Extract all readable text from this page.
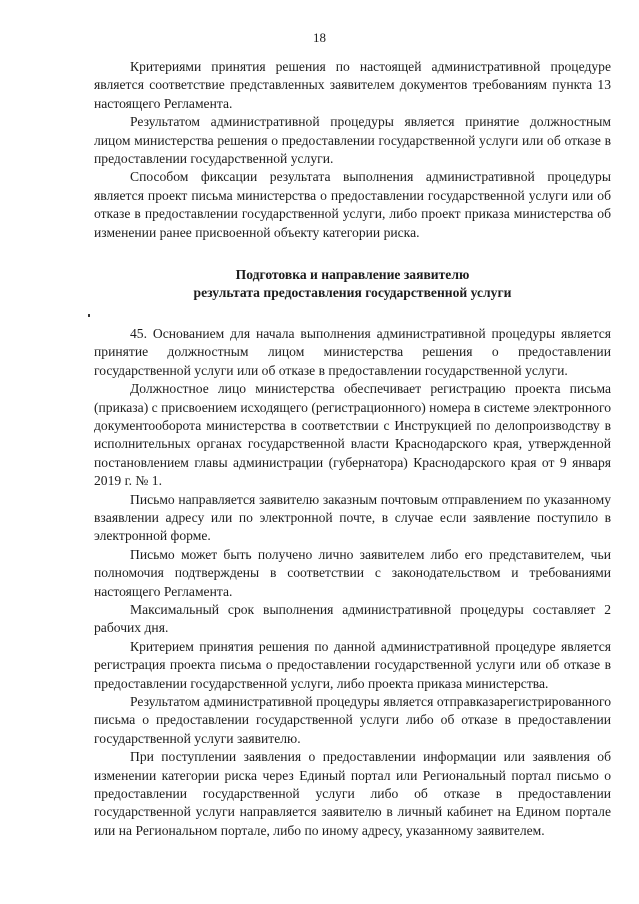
18

Критериями принятия решения по настоящей административной процедуре является соответствие представленных заявителем документов требованиям пункта 13 настоящего Регламента.

Результатом административной процедуры является принятие должностным лицом министерства решения о предоставлении государственной услуги или об отказе в предоставлении государственной услуги.

Способом фиксации результата выполнения административной процедуры является проект письма министерства о предоставлении государственной услуги или об отказе в предоставлении государственной услуги, либо проект приказа министерства об изменении ранее присвоенной объекту категории риска.

Подготовка и направление заявителю
результата предоставления государственной услуги

45. Основанием для начала выполнения административной процедуры является принятие должностным лицом министерства решения о предоставлении государственной услуги или об отказе в предоставлении государственной услуги.

Должностное лицо министерства обеспечивает регистрацию проекта письма (приказа) с присвоением исходящего (регистрационного) номера в системе электронного документооборота министерства в соответствии с Инструкцией по делопроизводству в исполнительных органах государственной власти Краснодарского края, утвержденной постановлением главы администрации (губернатора) Краснодарского края от 9 января 2019 г. № 1.

Письмо направляется заявителю заказным почтовым отправлением по указанному взаявлении адресу или по электронной почте, в случае если заявление поступило в электронной форме.

Письмо может быть получено лично заявителем либо его представителем, чьи полномочия подтверждены в соответствии с законодательством и требованиями настоящего Регламента.

Максимальный срок выполнения административной процедуры составляет 2 рабочих дня.

Критерием принятия решения по данной административной процедуре является регистрация проекта письма о предоставлении государственной услуги или об отказе в предоставлении государственной услуги, либо проекта приказа министерства.

Результатом административной процедуры является отправказарегистрированного письма о предоставлении государственной услуги либо об отказе в предоставлении государственной услуги заявителю.

При поступлении заявления о предоставлении информации или заявления об изменении категории риска через Единый портал или Региональный портал письмо о предоставлении государственной услуги либо об отказе в предоставлении государственной услуги направляется заявителю в личный кабинет на Едином портале или на Региональном портале, либо по иному адресу, указанному заявителем.
